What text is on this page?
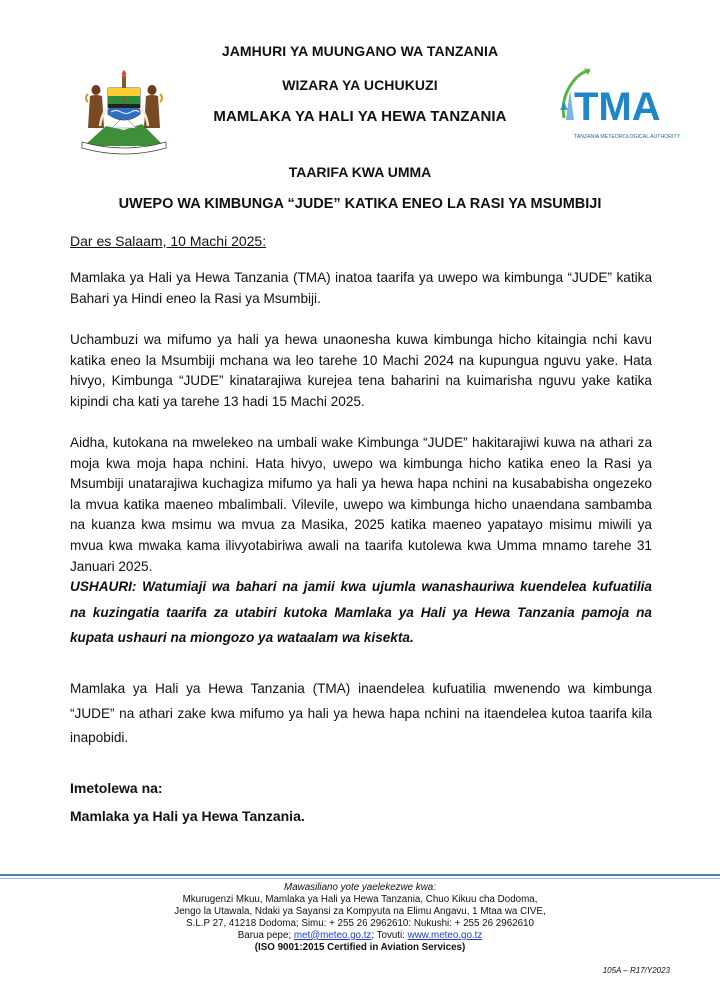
JAMHURI YA MUUNGANO WA TANZANIA
WIZARA YA UCHUKUZI
MAMLAKA YA HALI YA HEWA TANZANIA	TMA
TANZANIA METEOROLOGICAL AUTHORITY
TAARIFA KWA UMMA
UWEPO WA KIMBUNGA “JUDE” KATIKA ENEO LA RASI YA MSUMBIJI
Dar es Salaam, 10 Machi 2025:

Mamlaka ya Hali ya Hewa Tanzania (TMA) inatoa taarifa ya uwepo wa kimbunga “JUDE” katika Bahari ya Hindi eneo la Rasi ya Msumbiji.

Uchambuzi wa mifumo ya hali ya hewa unaonesha kuwa kimbunga hicho kitaingia nchi kavu katika eneo la Msumbiji mchana wa leo tarehe 10 Machi 2024 na kupungua nguvu yake. Hata hivyo, Kimbunga “JUDE” kinatarajiwa kurejea tena baharini na kuimarisha nguvu yake katika kipindi cha kati ya tarehe 13 hadi 15 Machi 2025.

Aidha, kutokana na mwelekeo na umbali wake Kimbunga “JUDE” hakitarajiwi kuwa na athari za moja kwa moja hapa nchini. Hata hivyo, uwepo wa kimbunga hicho katika eneo la Rasi ya Msumbiji unatarajiwa kuchagiza mifumo ya hali ya hewa hapa nchini na kusababisha ongezeko la mvua katika maeneo mbalimbali. Vilevile, uwepo wa kimbunga hicho unaendana sambamba na kuanza kwa msimu wa mvua za Masika, 2025 katika maeneo yapatayo misimu miwili ya mvua kwa mwaka kama ilivyotabiriwa awali na taarifa kutolewa kwa Umma mnamo tarehe 31 Januari 2025.

USHAURI: Watumiaji wa bahari na jamii kwa ujumla wanashauriwa kuendelea kufuatilia na kuzingatia taarifa za utabiri kutoka Mamlaka ya Hali ya Hewa Tanzania pamoja na kupata ushauri na miongozo ya wataalam wa kisekta.

Mamlaka ya Hali ya Hewa Tanzania (TMA) inaendelea kufuatilia mwenendo wa kimbunga “JUDE” na athari zake kwa mifumo ya hali ya hewa hapa nchini na itaendelea kutoa taarifa kila inapobidi.

Imetolewa na:
Mamlaka ya Hali ya Hewa Tanzania.
Mawasiliano yote yaelekezwe kwa:
Mkurugenzi Mkuu, Mamlaka ya Hali ya Hewa Tanzania, Chuo Kikuu cha Dodoma,
Jengo la Utawala, Ndaki ya Sayansi za Kompyuta na Elimu Angavu, 1 Mtaa wa CIVE,
S.L.P 27, 41218 Dodoma; Simu: + 255 26 2962610: Nukushi: + 255 26 2962610
Barua pepe; met@meteo.go.tz; Tovuti: www.meteo.go.tz
(ISO 9001:2015 Certified in Aviation Services)
105A – R17/Y2023
